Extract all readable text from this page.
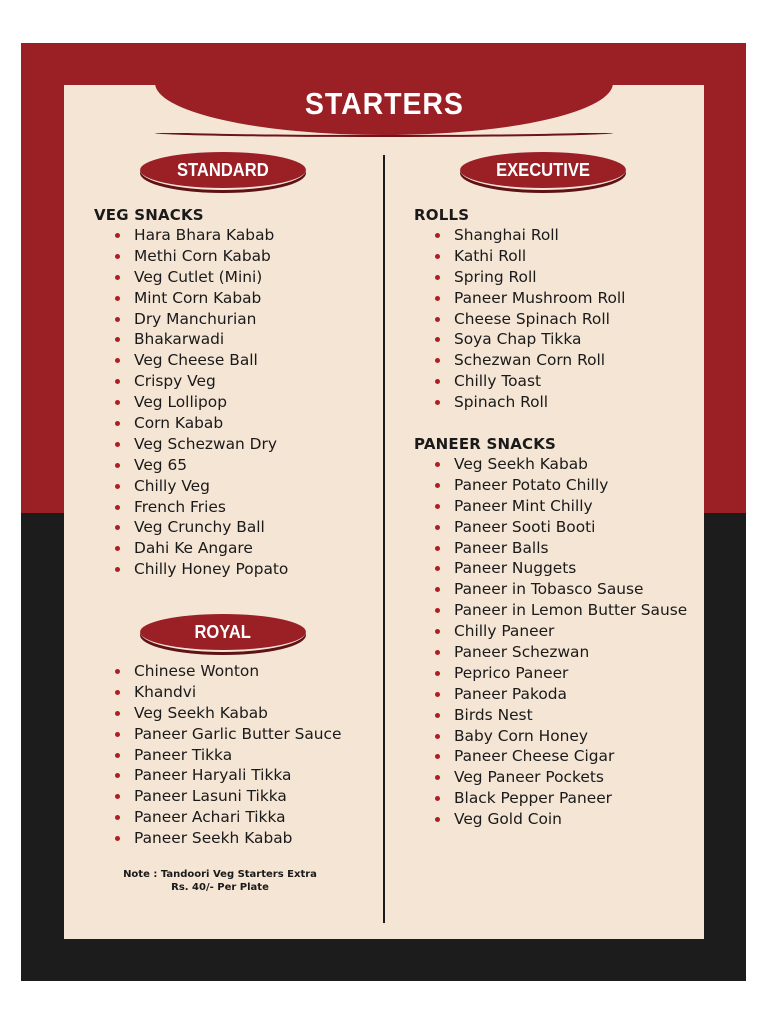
STARTERS
STANDARD	EXECUTIVE
ROYAL
VEG SNACKS
Hara Bhara Kabab
Methi Corn Kabab
Veg Cutlet (Mini)
Mint Corn Kabab
Dry Manchurian
Bhakarwadi
Veg Cheese Ball
Crispy Veg
Veg Lollipop
Corn Kabab
Veg Schezwan Dry
Veg 65
Chilly Veg
French Fries
Veg Crunchy Ball
Dahi Ke Angare
Chilly Honey Popato
Chinese Wonton
Khandvi
Veg Seekh Kabab
Paneer Garlic Butter Sauce
Paneer Tikka
Paneer Haryali Tikka
Paneer Lasuni Tikka
Paneer Achari Tikka
Paneer Seekh Kabab
Note : Tandoori Veg Starters Extra
Rs. 40/- Per Plate
ROLLS
Shanghai Roll
Kathi Roll
Spring Roll
Paneer Mushroom Roll
Cheese Spinach Roll
Soya Chap Tikka
Schezwan Corn Roll
Chilly Toast
Spinach Roll
PANEER SNACKS
Veg Seekh Kabab
Paneer Potato Chilly
Paneer Mint Chilly
Paneer Sooti Booti
Paneer Balls
Paneer Nuggets
Paneer in Tobasco Sause
Paneer in Lemon Butter Sause
Chilly Paneer
Paneer Schezwan
Peprico Paneer
Paneer Pakoda
Birds Nest
Baby Corn Honey
Paneer Cheese Cigar
Veg Paneer Pockets
Black Pepper Paneer
Veg Gold Coin
